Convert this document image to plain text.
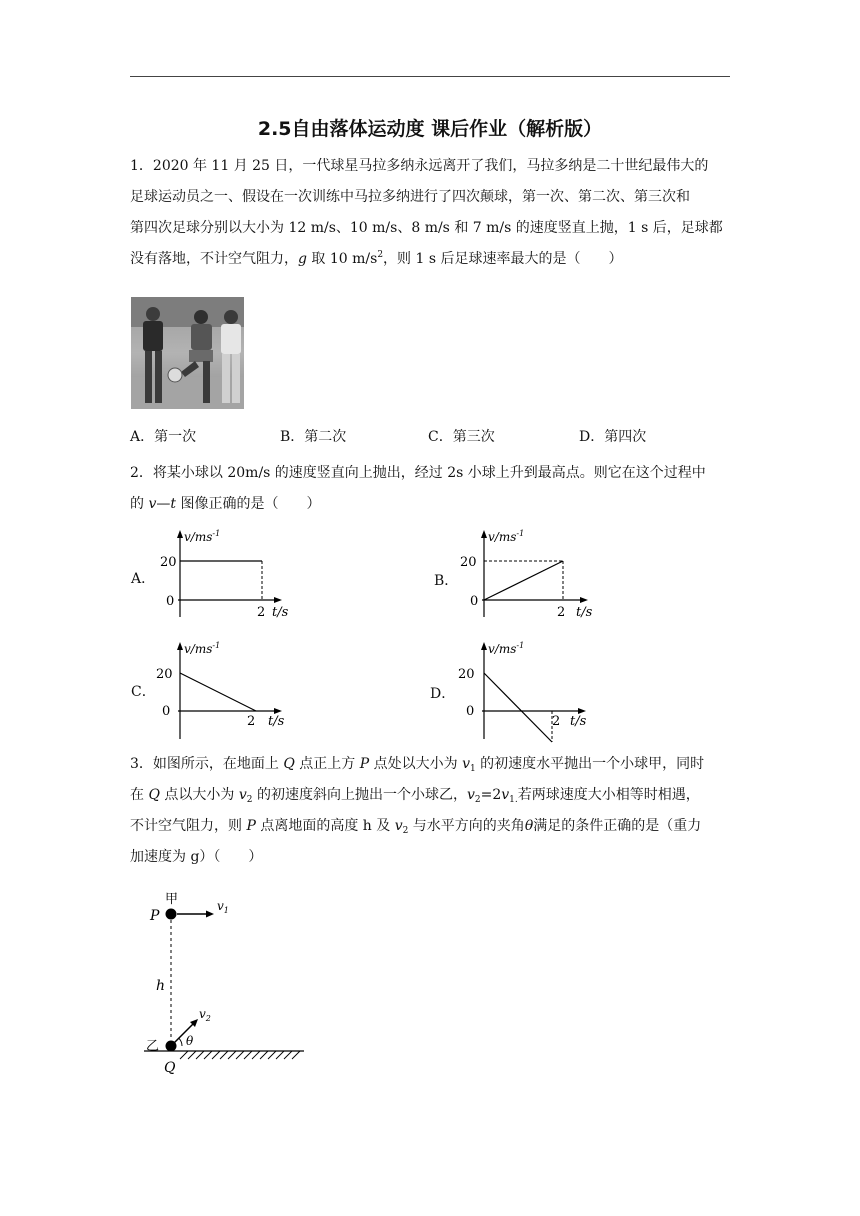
2.5自由落体运动度 课后作业（解析版）
1．2020 年 11 月 25 日，一代球星马拉多纳永远离开了我们，马拉多纳是二十世纪最伟大的
足球运动员之一、假设在一次训练中马拉多纳进行了四次颠球，第一次、第二次、第三次和
第四次足球分别以大小为 12 m/s、10 m/s、8 m/s 和 7 m/s 的速度竖直上抛，1 s 后，足球都
没有落地，不计空气阻力，g 取 10 $m/s^2$，则 1 s 后足球速率最大的是（　　）
A．第一次	B．第二次	C．第三次	D．第四次
2．将某小球以 20m/s 的速度竖直向上抛出，经过 2s 小球上升到最高点。则它在这个过程中
的 v—t 图像正确的是（　　）
A．	B．
C．	D．
$v/ms^{-1}$
20
0
2 t/s
$v/ms^{-1}$
20
0
2 t/s
$v/ms^{-1}$
20
0
2 t/s
$v/ms^{-1}$
20
0
2 t/s
3．如图所示，在地面上 Q 点正上方 P 点处以大小为 $v_1$ 的初速度水平抛出一个小球甲，同时
在 Q 点以大小为 $v_2$ 的初速度斜向上抛出一个小球乙，$v_2=2v_{1.}$若两球速度大小相等时相遇，
不计空气阻力，则 P 点离地面的高度 h 及 $v_2$ 与水平方向的夹角θ满足的条件正确的是（重力
加速度为 g）（　　）
甲
P
$v_1$
h
$v_2$
θ
乙
Q
